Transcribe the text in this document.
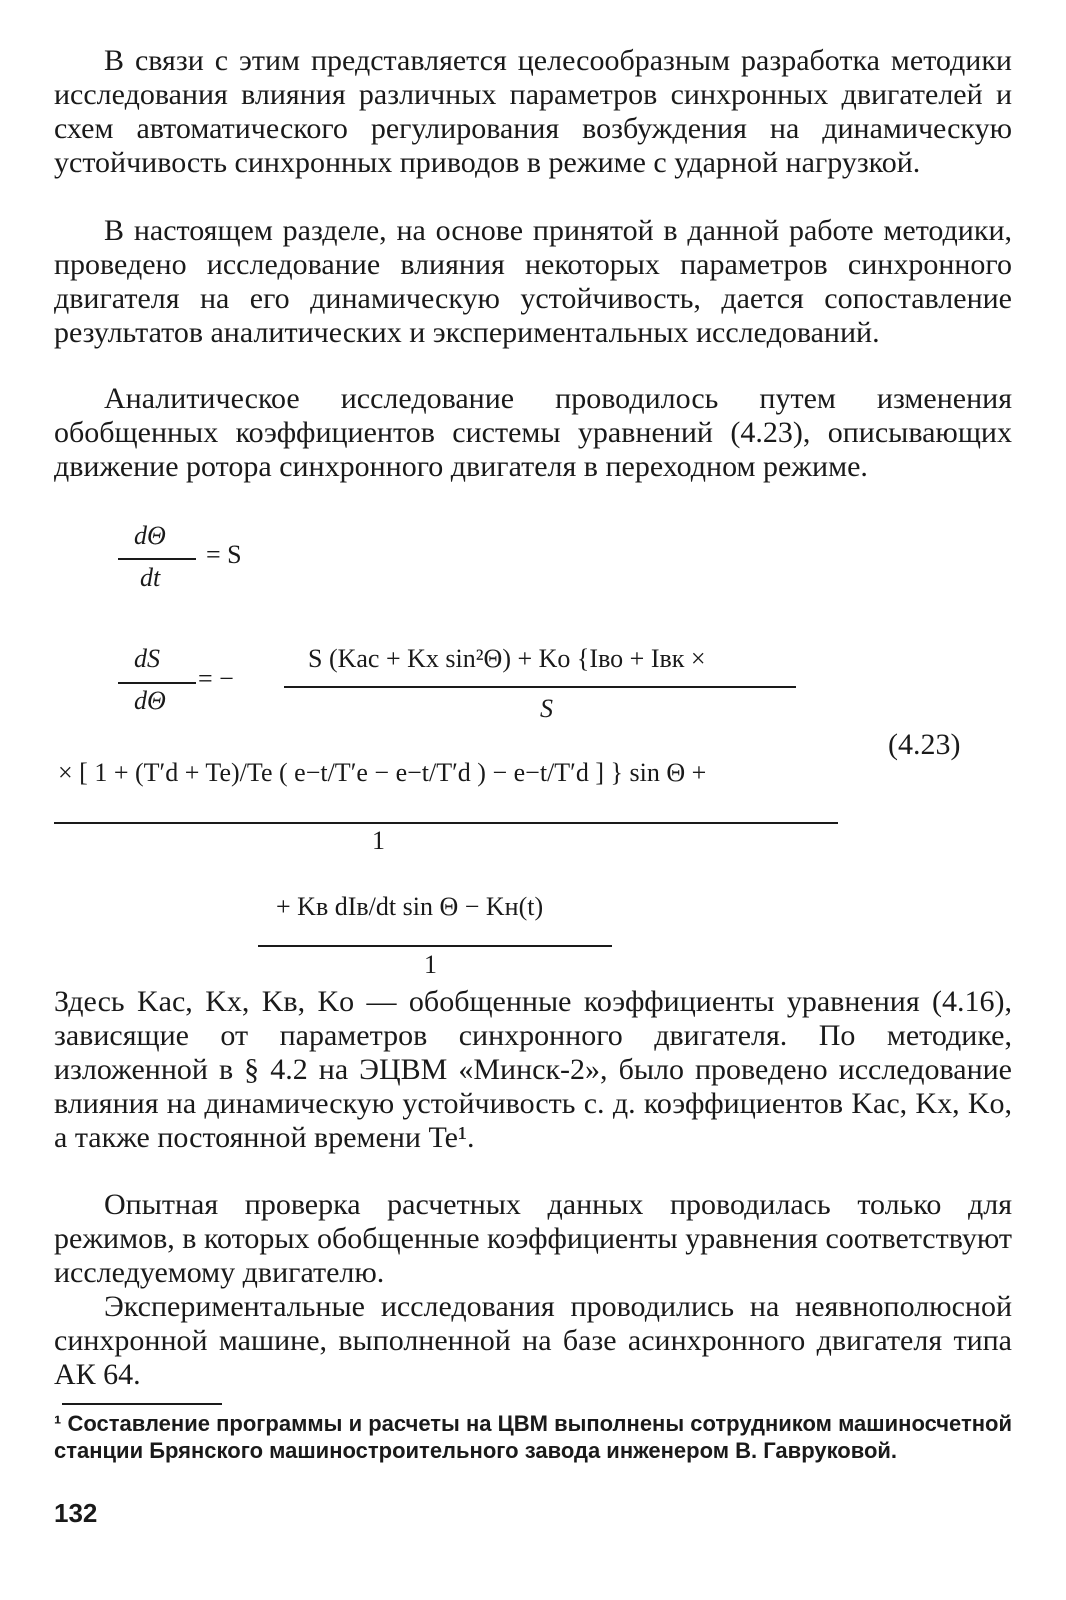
В связи с этим представляется целесообразным разработка методики исследования влияния различных параметров синхронных двигателей и схем автоматического регулирования возбуждения на динамическую устойчивость синхронных приводов в режиме с ударной нагрузкой.

В настоящем разделе, на основе принятой в данной работе методики, проведено исследование влияния некоторых параметров синхронного двигателя на его динамическую устойчивость, дается сопоставление результатов аналитических и экспериментальных исследований.

Аналитическое исследование проводилось путем изменения обобщенных коэффициентов системы уравнений (4.23), описывающих движение ротора синхронного двигателя в переходном режиме.

dΘ
dt
= S
dS
dΘ
= −
S (Kac + Kx sin²Θ) + Ko {Iво + Iвк ×
S
× [ 1 + (T′d + Te)/Te ( e−t/T′e − e−t/T′d ) − e−t/T′d ] } sin Θ +
1
+ Kв dIв/dt sin Θ − Kн(t)
1
(4.23)

Здесь Kac, Kx, Kв, Ko — обобщенные коэффициенты уравнения (4.16), зависящие от параметров синхронного двигателя. По методике, изложенной в § 4.2 на ЭЦВМ «Минск-2», было проведено исследование влияния на динамическую устойчивость с. д. коэффициентов Kac, Kx, Ko, а также постоянной времени Te¹.

Опытная проверка расчетных данных проводилась только для режимов, в которых обобщенные коэффициенты уравнения соответствуют исследуемому двигателю.

Экспериментальные исследования проводились на неявнополюсной синхронной машине, выполненной на базе асинхронного двигателя типа АК 64.

¹ Составление программы и расчеты на ЦВМ выполнены сотрудником машиносчетной станции Брянского машиностроительного завода инженером В. Гавруковой.

132
